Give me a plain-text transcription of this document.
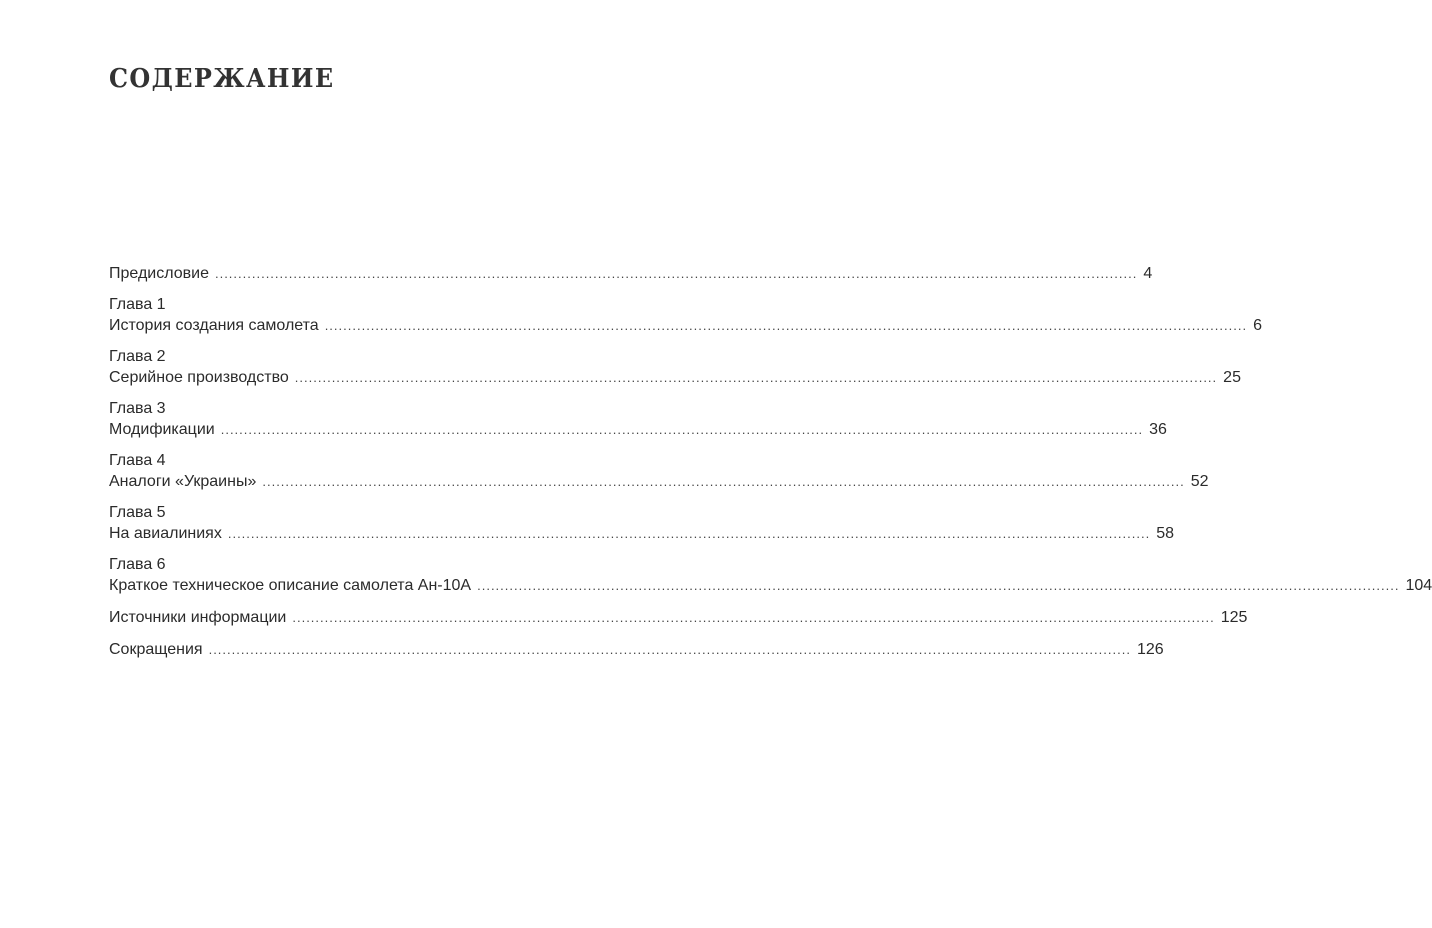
СОДЕРЖАНИЕ
Предисловие ........................................................................................................................................................................................................ 4
Глава 1
История создания самолета ........................................................................................................................................................................................................ 6
Глава 2
Серийное производство ........................................................................................................................................................................................................ 25
Глава 3
Модификации ........................................................................................................................................................................................................ 36
Глава 4
Аналоги «Украины» ........................................................................................................................................................................................................ 52
Глава 5
На авиалиниях ........................................................................................................................................................................................................ 58
Глава 6
Краткое техническое описание самолета Ан-10А ........................................................................................................................................................................................................ 104
Источники информации ........................................................................................................................................................................................................ 125
Сокращения ........................................................................................................................................................................................................ 126
